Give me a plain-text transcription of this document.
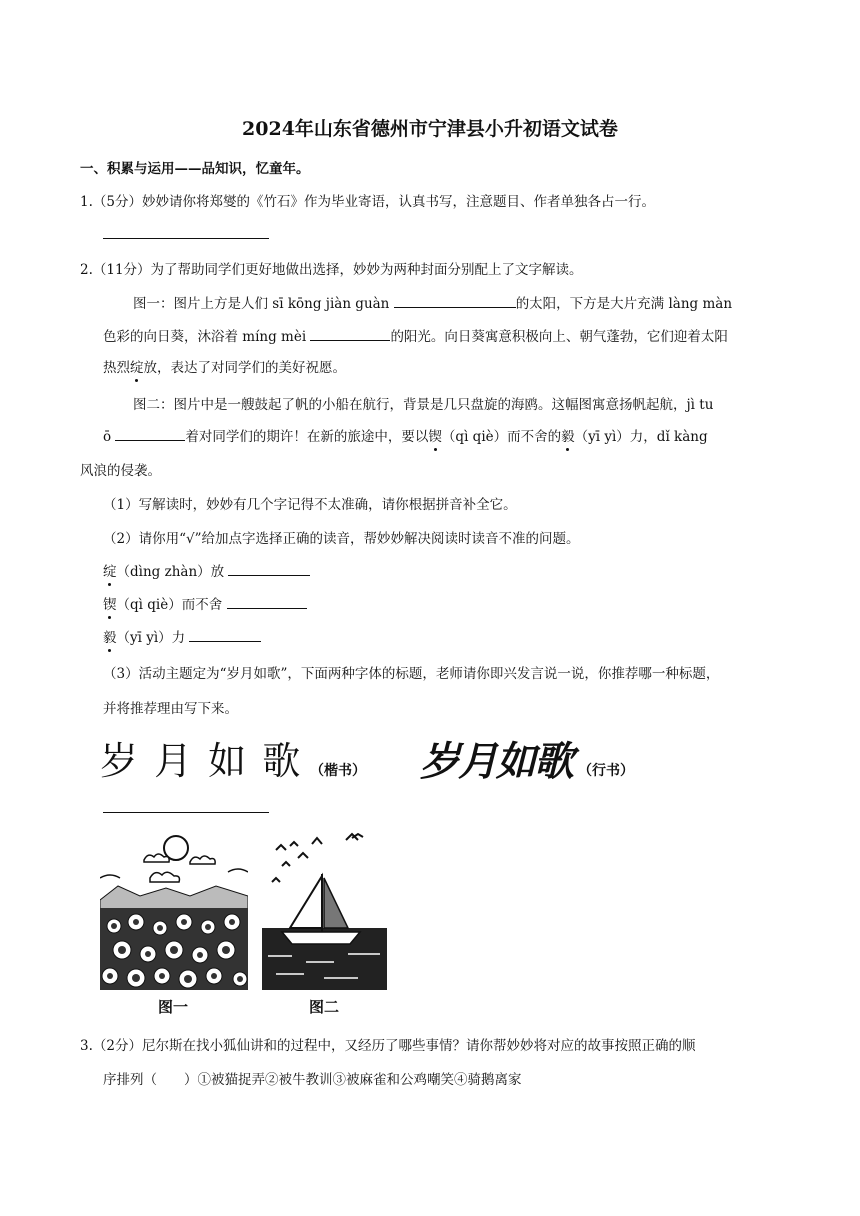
2024年山东省德州市宁津县小升初语文试卷
一、积累与运用——品知识，忆童年。
1.（5分）妙妙请你将郑燮的《竹石》作为毕业寄语，认真书写，注意题目、作者单独各占一行。
2.（11分）为了帮助同学们更好地做出选择，妙妙为两种封面分别配上了文字解读。
图一：图片上方是人们 sī kōng jiàn guàn	的太阳，下方是大片充满 làng màn
色彩的向日葵，沐浴着 míng mèi	的阳光。向日葵寓意积极向上、朝气蓬勃，它们迎着太阳
热烈绽放，表达了对同学们的美好祝愿。
图二：图片中是一艘鼓起了帆的小船在航行，背景是几只盘旋的海鸥。这幅图寓意扬帆起航，jì tu
ō	着对同学们的期许！在新的旅途中，要以锲（qì qiè）而不舍的毅（yī yì）力，dǐ kàng
风浪的侵袭。
（1）写解读时，妙妙有几个字记得不太准确，请你根据拼音补全它。
（2）请你用“√”给加点字选择正确的读音，帮妙妙解决阅读时读音不准的问题。
绽（dìng zhàn）放
锲（qì qiè）而不舍
毅（yī yì）力
（3）活动主题定为“岁月如歌”，下面两种字体的标题，老师请你即兴发言说一说，你推荐哪一种标题，
并将推荐理由写下来。
岁 月 如 歌 （楷书） 岁月如歌 （行书）
图一	图二
3.（2分）尼尔斯在找小狐仙讲和的过程中，又经历了哪些事情？请你帮妙妙将对应的故事按照正确的顺
序排列（　　）①被猫捉弄②被牛教训③被麻雀和公鸡嘲笑④骑鹅离家
